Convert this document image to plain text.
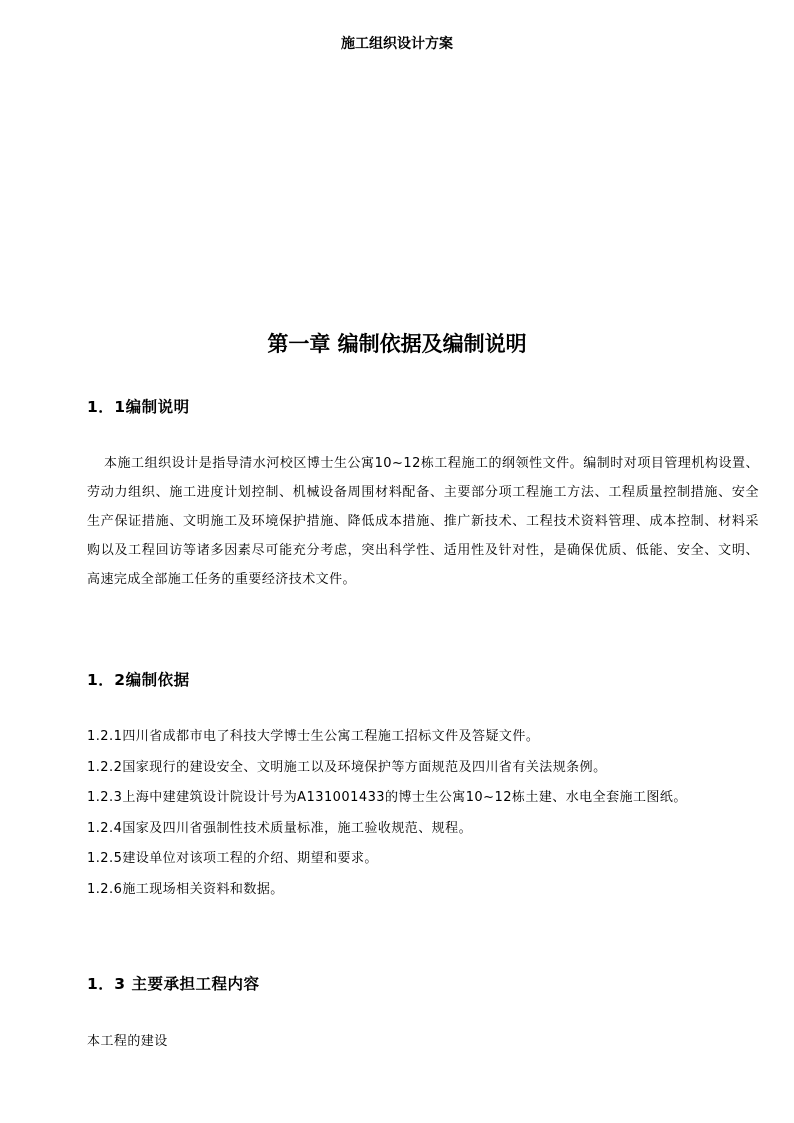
施工组织设计方案
第一章 编制依据及编制说明
1．1编制说明
本施工组织设计是指导清水河校区博士生公寓10~12栋工程施工的纲领性文件。编制时对项目管理机构设置、劳动力组织、施工进度计划控制、机械设备周围材料配备、主要部分项工程施工方法、工程质量控制措施、安全生产保证措施、文明施工及环境保护措施、降低成本措施、推广新技术、工程技术资料管理、成本控制、材料采购以及工程回访等诸多因素尽可能充分考虑，突出科学性、适用性及针对性，是确保优质、低能、安全、文明、高速完成全部施工任务的重要经济技术文件。
1．2编制依据
1.2.1四川省成都市电了科技大学博士生公寓工程施工招标文件及答疑文件。
1.2.2国家现行的建设安全、文明施工以及环境保护等方面规范及四川省有关法规条例。
1.2.3上海中建建筑设计院设计号为A131001433的博士生公寓10~12栋土建、水电全套施工图纸。
1.2.4国家及四川省强制性技术质量标准，施工验收规范、规程。
1.2.5建设单位对该项工程的介绍、期望和要求。
1.2.6施工现场相关资料和数据。
1．3 主要承担工程内容
本工程的建设
